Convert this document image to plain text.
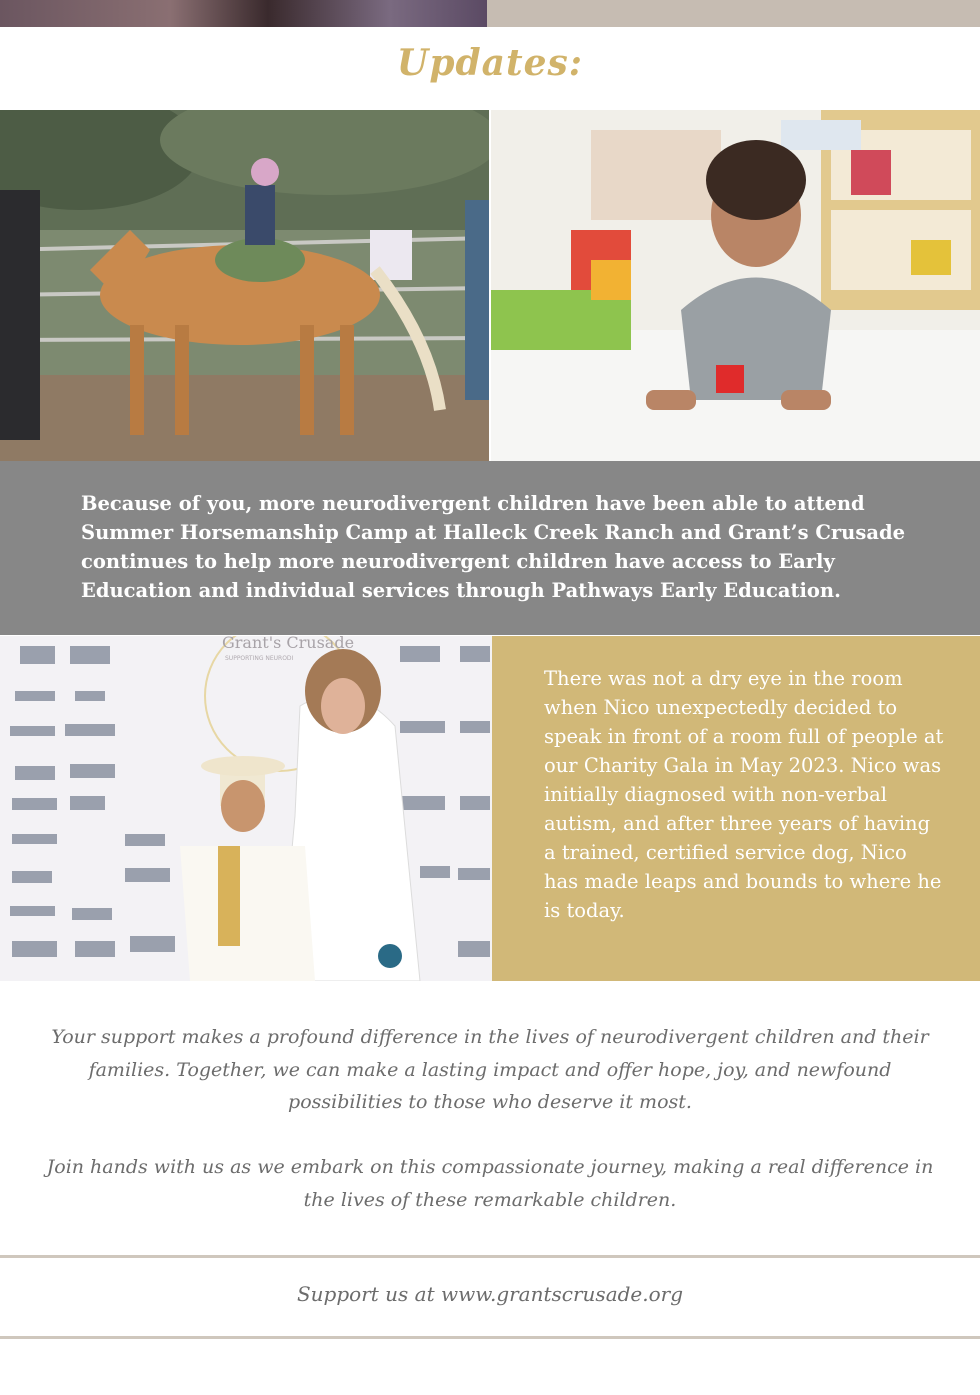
Updates:
Because of you, more neurodivergent children have been able to attend Summer Horsemanship Camp at Halleck Creek Ranch and Grant’s Crusade continues to help more neurodivergent children have access to Early Education and individual services through Pathways Early Education.
Grant's Crusade
SUPPORTING NEURODI
There was not a dry eye in the room when Nico unexpectedly decided to speak in front of a room full of people at our Charity Gala in May 2023. Nico was initially diagnosed with non-verbal autism, and after three years of having a trained, certified service dog, Nico has made leaps and bounds to where he is today.
Your support makes a profound difference in the lives of neurodivergent children and their families. Together, we can make a lasting impact and offer hope, joy, and newfound possibilities to those who deserve it most.
Join hands with us as we embark on this compassionate journey, making a real difference in the lives of these remarkable children.
Support us at www.grantscrusade.org
